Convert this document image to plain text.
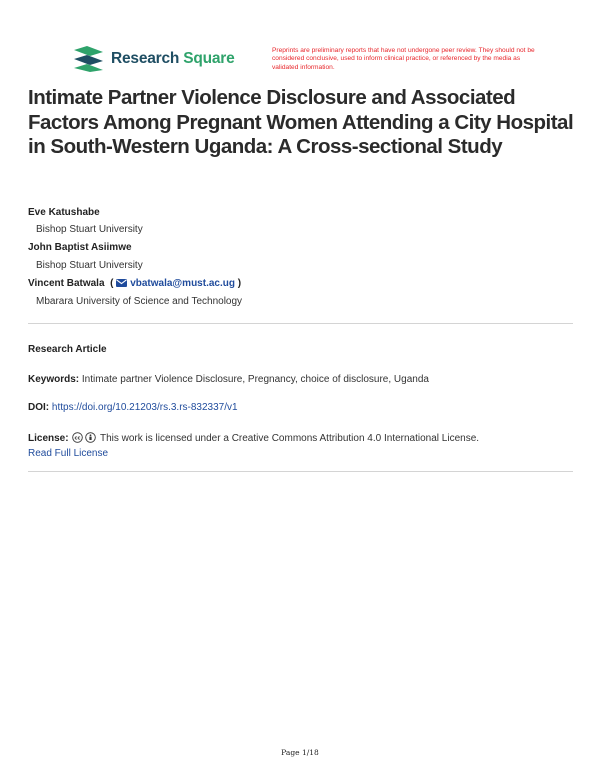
Research Square	Preprints are preliminary reports that have not undergone peer review. They should not be considered conclusive, used to inform clinical practice, or referenced by the media as validated information.
Intimate Partner Violence Disclosure and Associated Factors Among Pregnant Women Attending a City Hospital in South-Western Uganda: A Cross-sectional Study
Eve Katushabe
Bishop Stuart University
John Baptist Asiimwe
Bishop Stuart University
Vincent Batwala  ( vbatwala@must.ac.ug )
Mbarara University of Science and Technology
Research Article
Keywords: Intimate partner Violence Disclosure, Pregnancy, choice of disclosure, Uganda
DOI: https://doi.org/10.21203/rs.3.rs-832337/v1
License: cc This work is licensed under a Creative Commons Attribution 4.0 International License.
Read Full License
Page 1/18
